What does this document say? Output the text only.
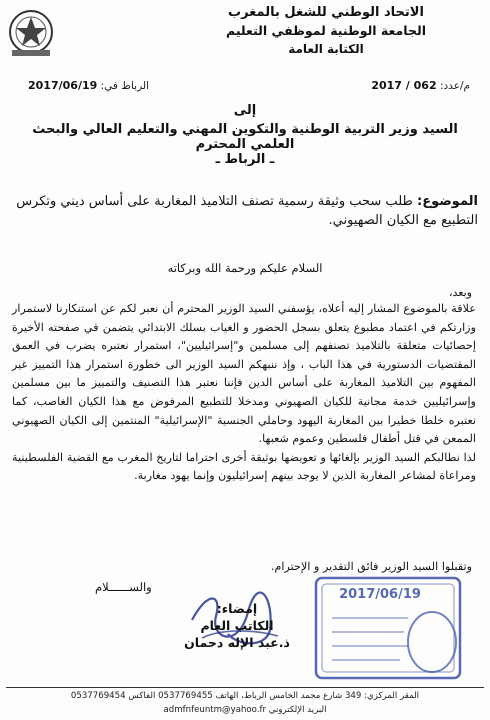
الاتحاد الوطني للشغل بالمغرب
الجامعة الوطنية لموظفي التعليم
الكتابة العامة
م/عدد: 062 / 2017
الرباط في: 2017/06/19
إلى
السيد وزير التربية الوطنية والتكوين المهني والتعليم العالي والبحث العلمي المحترم
ـ الرباط ـ
الموضوع: طلب سحب وثيقة رسمية تصنف التلاميذ المغاربة على أساس ديني وتكرس التطبيع مع الكيان الصهيوني.
السلام عليكم ورحمة الله وبركاته
وبعد،

علاقة بالموضوع المشار إليه أعلاه، يؤسفني السيد الوزير المحترم أن نعبر لكم عن استنكارنا لاستمرار وزارتكم في اعتماد مطبوع يتعلق بسجل الحضور و الغياب بسلك الابتدائي يتضمن في صفحته الأخيرة إحصائيات متعلقة بالتلاميذ تصنفهم إلى مسلمين و"إسرائيليين"، استمرار نعتبره يضرب في العمق المقتضيات الدستورية في هذا الباب ، وإذ ننبهكم السيد الوزير الى خطورة استمرار هذا التمييز غير المفهوم بين التلاميذ المغاربة على أساس الدين فإننا نعتبر هذا التصنيف والتمييز ما بين مسلمين وإسرائيليين خدمة مجانية للكيان الصهيوني ومدخلا للتطبيع المرفوض مع هذا الكيان الغاصب، كما نعتبره خلطا خطيرا بين المغاربة اليهود وحاملي الجنسية "الإسرائيلية" المنتمين إلى الكيان الصهيوني الممعن في قتل أطفال فلسطين وعموم شعبها.

لذا نطالبكم السيد الوزير بإلغائها و تعويضها بوثيقة أخرى احتراما لتاريخ المغرب مع القضية الفلسطينية ومراعاة لمشاعر المغاربة الذين لا يوجد بينهم إسرائيليون وإنما يهود مغاربة.

وتقبلوا السيد الوزير فائق التقدير و الإحترام.
والســــــلام	2017/06/19
إمضاء:
الكاتب العام
ذ.عبد الإله دحمان
المقر المركزي: 349 شارع محمد الخامس الرباط، الهاتف 0537769455 الفاكس 0537769454
البريد الإلكتروني admfnfeuntm@yahoo.fr
